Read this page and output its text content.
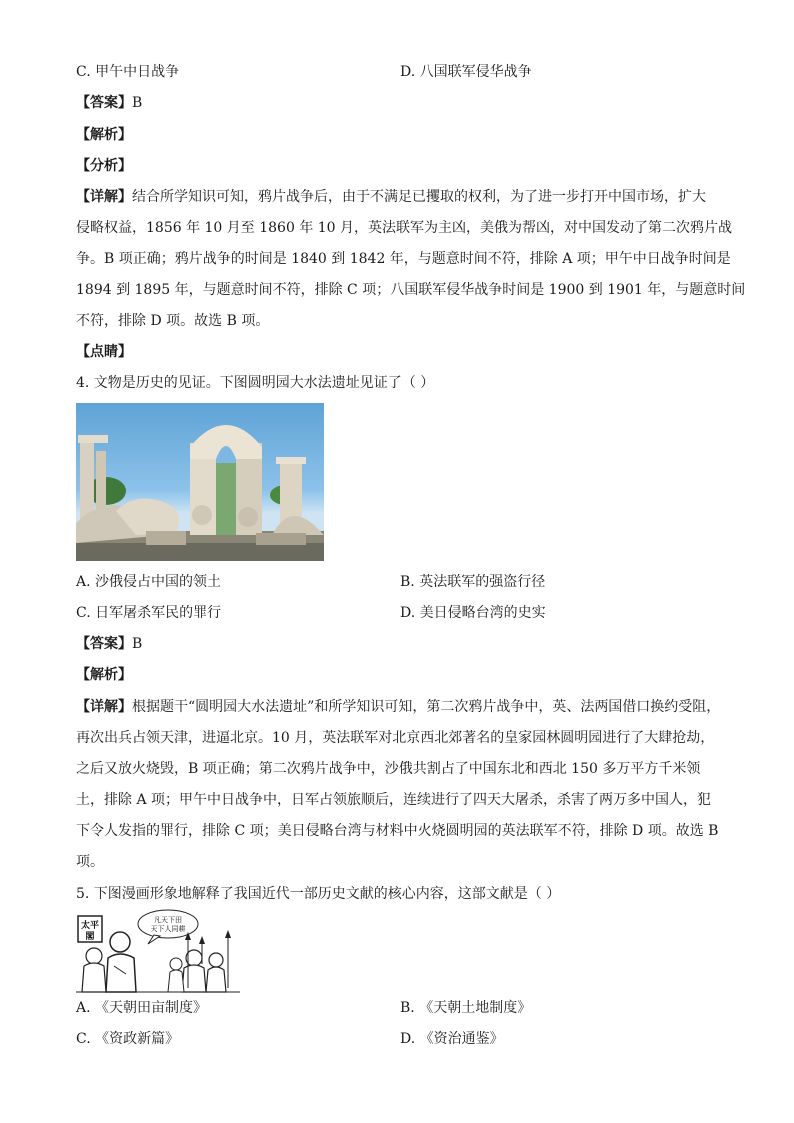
C. 甲午中日战争	D. 八国联军侵华战争
【答案】B
【解析】
【分析】
【详解】结合所学知识可知，鸦片战争后，由于不满足已攫取的权利，为了进一步打开中国市场，扩大
侵略权益，1856 年 10 月至 1860 年 10 月，英法联军为主凶，美俄为帮凶，对中国发动了第二次鸦片战
争。B 项正确；鸦片战争的时间是 1840 到 1842 年，与题意时间不符，排除 A 项；甲午中日战争时间是
1894 到 1895 年，与题意时间不符，排除 C 项；八国联军侵华战争时间是 1900 到 1901 年，与题意时间
不符，排除 D 项。故选 B 项。
【点睛】
4. 文物是历史的见证。下图圆明园大水法遗址见证了（ ）
A. 沙俄侵占中国的领土	B. 英法联军的强盗行径
C. 日军屠杀军民的罪行	D. 美日侵略台湾的史实
【答案】B
【解析】
【详解】根据题干“圆明园大水法遗址”和所学知识可知，第二次鸦片战争中，英、法两国借口换约受阻，
再次出兵占领天津，进逼北京。10 月，英法联军对北京西北郊著名的皇家园林圆明园进行了大肆抢劫，
之后又放火烧毁，B 项正确；第二次鸦片战争中，沙俄共割占了中国东北和西北 150 多万平方千米领
土，排除 A 项；甲午中日战争中，日军占领旅顺后，连续进行了四天大屠杀，杀害了两万多中国人，犯
下令人发指的罪行，排除 C 项；美日侵略台湾与材料中火烧圆明园的英法联军不符，排除 D 项。故选 B
项。
5. 下图漫画形象地解释了我国近代一部历史文献的核心内容，这部文献是（ ）
太平
閣
凡天下田
天下人同耕
A. 《天朝田亩制度》	B. 《天朝土地制度》
C. 《资政新篇》	D. 《资治通鉴》
